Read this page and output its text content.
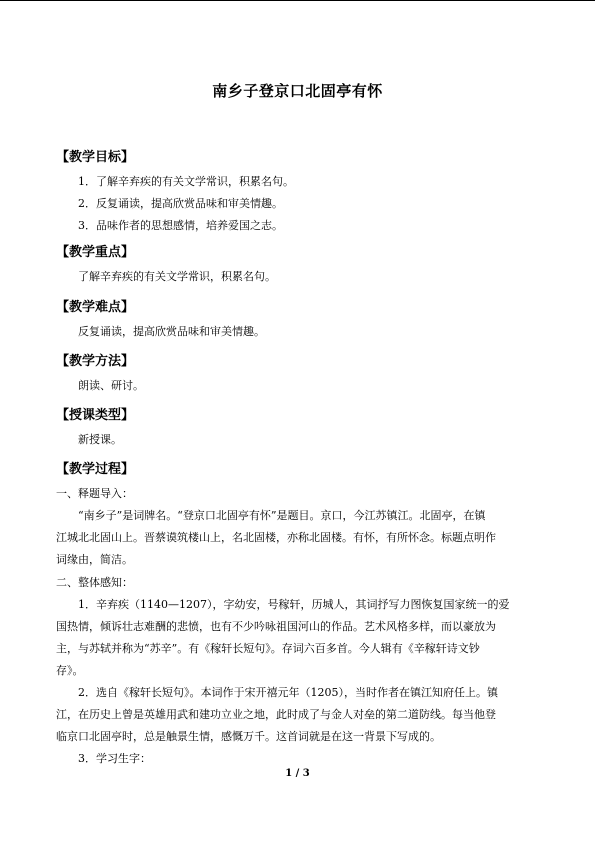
南乡子登京口北固亭有怀
【教学目标】
1．了解辛弃疾的有关文学常识，积累名句。
2．反复诵读，提高欣赏品味和审美情趣。
3．品味作者的思想感情，培养爱国之志。
【教学重点】
了解辛弃疾的有关文学常识，积累名句。
【教学难点】
反复诵读，提高欣赏品味和审美情趣。
【教学方法】
朗读、研讨。
【授课类型】
新授课。
【教学过程】
一、释题导入：
“南乡子”是词牌名。“登京口北固亭有怀”是题目。京口，今江苏镇江。北固亭，在镇
江城北北固山上。晋蔡谟筑楼山上，名北固楼，亦称北固楼。有怀，有所怀念。标题点明作
词缘由，简洁。
二、整体感知：
1．辛弃疾（1140—1207），字幼安，号稼轩，历城人，其词抒写力图恢复国家统一的爱
国热情，倾诉壮志难酬的悲愤，也有不少吟咏祖国河山的作品。艺术风格多样，而以豪放为
主，与苏轼并称为“苏辛”。有《稼轩长短句》。存词六百多首。今人辑有《辛稼轩诗文钞
存》。
2．选自《稼轩长短句》。本词作于宋开禧元年（1205），当时作者在镇江知府任上。镇
江，在历史上曾是英雄用武和建功立业之地，此时成了与金人对垒的第二道防线。每当他登
临京口北固亭时，总是触景生情，感慨万千。这首词就是在这一背景下写成的。
3．学习生字：
1 / 3
